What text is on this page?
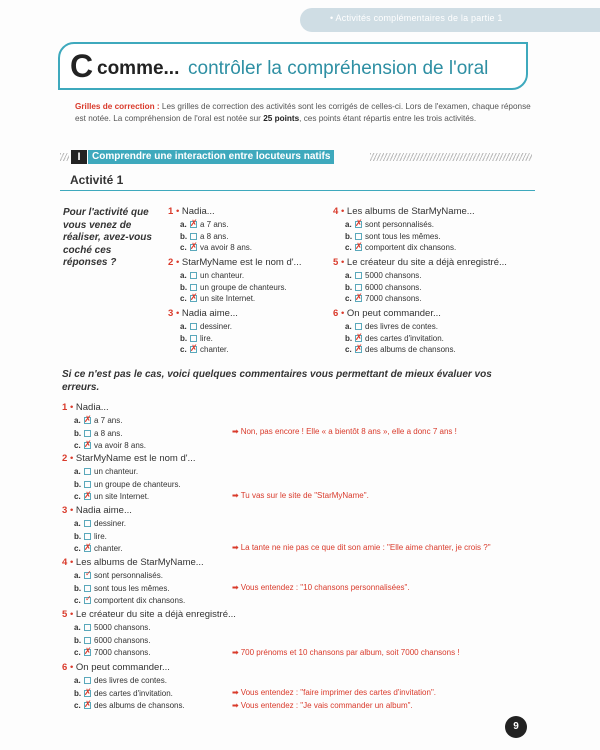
• Activités complémentaires de la partie 1
C comme... contrôler la compréhension de l'oral
Grilles de correction : Les grilles de correction des activités sont les corrigés de celles-ci. Lors de l'examen, chaque réponse est notée. La compréhension de l'oral est notée sur 25 points, ces points étant répartis entre les trois activités.
I	Comprendre une interaction entre locuteurs natifs
Activité 1
Pour l'activité que vous venez de réaliser, avez-vous coché ces réponses ?
1 • Nadia...
a. ✗ a 7 ans.
b. a 8 ans.
c. ✗ va avoir 8 ans.
2 • StarMyName est le nom d'...
a. un chanteur.
b. un groupe de chanteurs.
c. ✗ un site Internet.
3 • Nadia aime...
a. dessiner.
b. lire.
c. ✗ chanter.
4 • Les albums de StarMyName...
a. ✗ sont personnalisés.
b. sont tous les mêmes.
c. ✗ comportent dix chansons.
5 • Le créateur du site a déjà enregistré...
a. 5000 chansons.
b. 6000 chansons.
c. ✗ 7000 chansons.
6 • On peut commander...
a. des livres de contes.
b. ✗ des cartes d'invitation.
c. ✗ des albums de chansons.
Si ce n'est pas le cas, voici quelques commentaires vous permettant de mieux évaluer vos erreurs.
1 • Nadia...
a. ✗ a 7 ans.
b. a 8 ans.
c. ✗ va avoir 8 ans.
2 • StarMyName est le nom d'...
a. un chanteur.
b. un groupe de chanteurs.
c. ✗ un site Internet.
3 • Nadia aime...
a. dessiner.
b. lire.
c. ✗ chanter.
4 • Les albums de StarMyName...
a. ✓ sont personnalisés.
b. sont tous les mêmes.
c. ✓ comportent dix chansons.
5 • Le créateur du site a déjà enregistré...
a. 5000 chansons.
b. 6000 chansons.
c. ✗ 7000 chansons.
6 • On peut commander...
a. des livres de contes.
b. ✗ des cartes d'invitation.
c. ✗ des albums de chansons.
➡ Non, pas encore ! Elle « a bientôt 8 ans », elle a donc 7 ans !
➡ Tu vas sur le site de "StarMyName".
➡ La tante ne nie pas ce que dit son amie : "Elle aime chanter, je crois ?"
➡ Vous entendez : "10 chansons personnalisées".
➡ 700 prénoms et 10 chansons par album, soit 7000 chansons !
➡ Vous entendez : "faire imprimer des cartes d'invitation".
➡ Vous entendez : "Je vais commander un album".
9
